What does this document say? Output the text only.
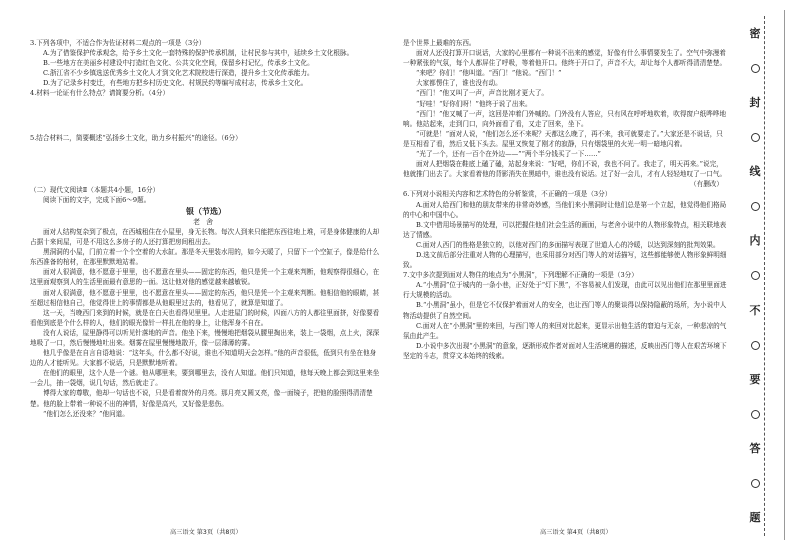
3.下列各项中，不适合作为佐证材料二观点的一项是（3分）

A.为了借鉴保护传承观念，给予乡土文化一套特殊的保护传承机制，让村民参与其中，延续乡土文化根脉。

B.一些地方在美丽乡村建设中打造红色文化、公共文化空间，保留乡村记忆，传承乡土文化。

C.浙江省不少乡镇选送优秀乡土文化人才到文化艺术院校进行深造，提升乡土文化传承能力。

D.为了记录乡村变迁，有些地方把乡村历史文化、村规民约等编写成村志，传承乡土文化。

4.材料一论证有什么特点？请简要分析。（4分）

5.结合材料二，简要概述“弘扬乡土文化，助力乡村振兴”的途径。（6分）

（二）现代文阅读Ⅱ（本题共4小题，16分）

阅读下面的文字，完成下面6～9题。

银（节选）

老舍

面对人结构复杂到了极点，在西城租住在小屋里，身无长物。每次人到来只能把东西往地上堆，可是身体健康的人却占据十来间屋，可是不用这么多房子的人还打算把房间租出去。

黑洞洞的小屋，门前立着一个个空着的大水缸。那是冬天里装水用的，如今天暖了，只留下一个空缸子，像是给什么东西准备的棺材，在那里默默地站着。

面对人很满意，他不愿意于里里，也不愿意在里头——固定的东西，他只是凭一个主观来判断，他观察得很细心，在这里面观察到人的生活里面最有意思的一面。这让他对他的感觉越来越敏锐。

面对人很满意，他不愿意于里里，也不愿意在里头——固定的东西，他只是凭一个主观来判断。他相信他的眼睛，甚至超过相信他自己，他觉得世上的事情都是从他眼里过去的，他看见了，就算是知道了。

这一天，当晚西门来到的时候，就是在白天也看得见里里。人走进屋门的时候，四面八方的人都往里面挤，好像要看看他到底是个什么样的人，他们的眼光像针一样扎在他的身上，让他浑身不自在。

没有人说话，屋里静得可以听见针落地的声音。他坐下来，慢慢地把烟袋从腰里掏出来，装上一袋烟，点上火，深深地吸了一口，然后慢慢地吐出来。烟雾在屋里慢慢地散开，像一层薄薄的雾。

他几乎像是在自言自语地说：“这年头，什么都不好说，谁也不知道明天会怎样。”他的声音很低，低到只有坐在他身边的人才能听见。大家都不说话，只是默默地听着。

在他们的眼里，这个人是一个谜。他从哪里来，要到哪里去，没有人知道。他们只知道，他每天晚上都会到这里来坐一会儿，抽一袋烟，说几句话，然后就走了。

博得大家的尊敬，他却一句话也不说，只是看着窗外的月亮。那月亮又圆又亮，像一面镜子，把他的脸照得清清楚楚。他的脸上带着一种说不出的神情，好像是高兴，又好像是悲伤。

“他们怎么还没来？”他问道。

是个世界上最难的东西。

面对人还没打算开口说话，大家的心里都有一种说不出来的感觉，好像有什么事情要发生了。空气中弥漫着一种紧张的气氛，每个人都屏住了呼吸，等着他开口。他终于开口了，声音不大，却让每个人都听得清清楚楚。

“来吧？你们！”他叫道。“西门！”他说。“西门！”

大家都愣住了，谁也没有动。

“西门！”他又叫了一声，声音比刚才更大了。

“好哇！“好你们呀！”他终于说了出来。

“西门！”他又喊了一声，这回是冲着门外喊的。门外没有人答应，只有风在呼呼地吹着，吹得窗户纸哗哗地响。他站起来，走到门口，向外面看了看，又走了回来，坐下。

“可就是！”面对人说，“他们怎么还不来呢？天都这么晚了，再不来，我可就要走了。”大家还是不说话，只是互相看了看，然后又低下头去。屋里又恢复了刚才的寂静，只有烟袋里的火光一明一暗地闪着。

“光了一个，还有一百个在外边——”“两个半分钱买了一下……”

面对人把烟袋在鞋底上磕了磕，站起身来说：“好吧，你们不说，我也不问了。我走了，明天再来。”说完，他就推门出去了。大家看着他的背影消失在黑暗中，谁也没有说话。过了好一会儿，才有人轻轻地叹了一口气。

（有删改）

6.下列对小说相关内容和艺术特色的分析鉴赏，不正确的一项是（3分）

A.面对人给西门和他的朋友带来的非常奇妙感，当他们来小黑洞时让他们总是第一个立起，他觉得他们格局的中心和中国中心。

B.文中借用场景描写的处理，可以把握住他们社会生活的画面，与老舍小说中的人物形象特点，相关联地表达了情感。

C.面对人西门的性格是独立的，以他对西门的多面描写表现了世道人心的冷暖，以达到深刻的批判效果。

D.选文前后部分注重对人物的心理描写，也采用部分对西门等人的对话描写，这些都能够使人物形象鲜明细致。

7.文中多次提到面对人物住的地点为“小黑洞”，下列理解不正确的一项是（3分）

A.“小黑洞”位于城内的一条小巷，正好处于“灯下黑”，不容易被人们发现，由此可以见出他们在那里里面进行大规模的活动。

B.“小黑洞”虽小，但是它不仅保护着面对人的安全，也让西门等人的聚谈得以保持隐蔽的场所，为小说中人物活动提供了自然空间。

C.面对人在“小黑洞”里的来回，与西门等人的来回对比起来，更显示出他生活的窘迫与无奈，一种悲凉的气氛由此产生。

D.小说中多次出现“小黑洞”的意象，逐渐形成作者对面对人生活境遇的描述，反映出西门等人在艰苦环境下坚定的斗志，贯穿文本始终的线索。

高三语文 第3页（共8页）	高三语文 第4页（共8页）
密
封
线
内
不
要
答
题
